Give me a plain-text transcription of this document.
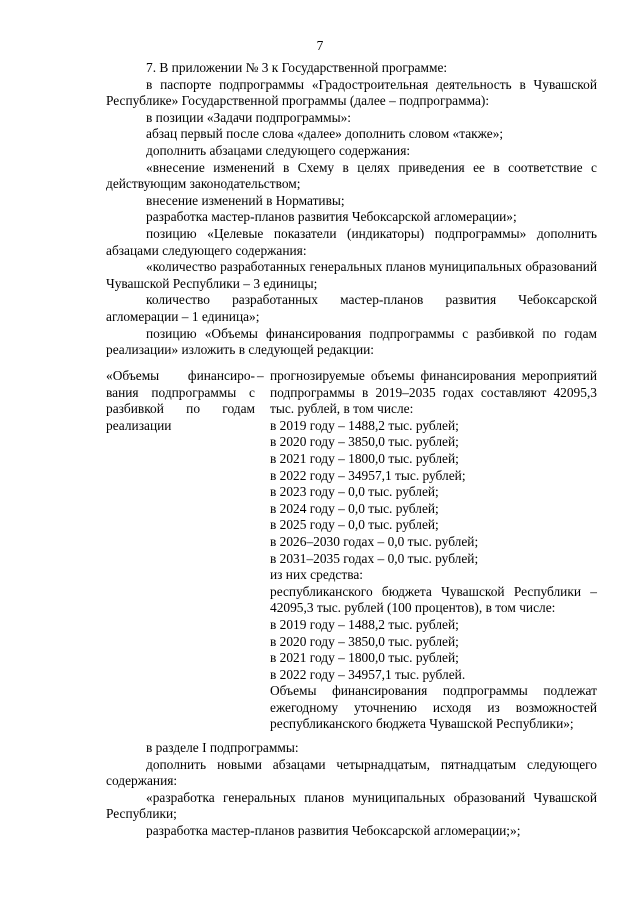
7

7. В приложении № 3 к Государственной программе:

в паспорте подпрограммы «Градостроительная деятельность в Чувашской Республике» Государственной программы (далее – подпрограмма):

в позиции «Задачи подпрограммы»:

абзац первый после слова «далее» дополнить словом «также»;

дополнить абзацами следующего содержания:

«внесение изменений в Схему в целях приведения ее в соответствие с действующим законодательством;

внесение изменений в Нормативы;

разработка мастер-планов развития Чебоксарской агломерации»;

позицию «Целевые показатели (индикаторы) подпрограммы» дополнить абзацами следующего содержания:

«количество разработанных генеральных планов муниципальных образований Чувашской Республики – 3 единицы;

количество разработанных мастер-планов развития Чебоксарской агломерации – 1 единица»;

позицию «Объемы финансирования подпрограммы с разбивкой по годам реализации» изложить в следующей редакции:

«Объемы финансиро-
вания подпрограммы с
разбивкой по годам
реализации
– прогнозируемые объемы финансирования мероприятий подпрограммы в 2019–2035 годах составляют 42095,3 тыс. рублей, в том числе:

в 2019 году – 1488,2 тыс. рублей;

в 2020 году – 3850,0 тыс. рублей;

в 2021 году – 1800,0 тыс. рублей;

в 2022 году – 34957,1 тыс. рублей;

в 2023 году – 0,0 тыс. рублей;

в 2024 году – 0,0 тыс. рублей;

в 2025 году – 0,0 тыс. рублей;

в 2026–2030 годах – 0,0 тыс. рублей;

в 2031–2035 годах – 0,0 тыс. рублей;

из них средства:

республиканского бюджета Чувашской Республики – 42095,3 тыс. рублей (100 процентов), в том числе:

в 2019 году – 1488,2 тыс. рублей;

в 2020 году – 3850,0 тыс. рублей;

в 2021 году – 1800,0 тыс. рублей;

в 2022 году – 34957,1 тыс. рублей.

Объемы финансирования подпрограммы подлежат ежегодному уточнению исходя из возможностей республиканского бюджета Чувашской Республики»;

в разделе I подпрограммы:

дополнить новыми абзацами четырнадцатым, пятнадцатым следующего содержания:

«разработка генеральных планов муниципальных образований Чувашской Республики;

разработка мастер-планов развития Чебоксарской агломерации;»;
